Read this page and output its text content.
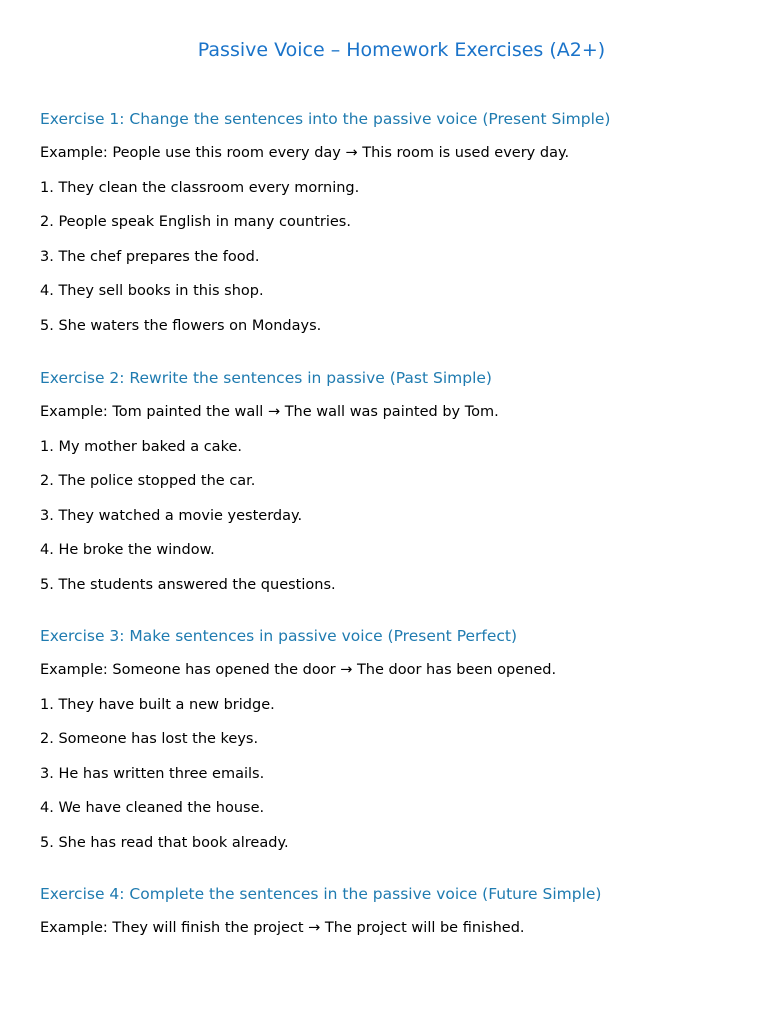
Passive Voice – Homework Exercises (A2+)
Exercise 1: Change the sentences into the passive voice (Present Simple)

Example: People use this room every day → This room is used every day.

1. They clean the classroom every morning.

2. People speak English in many countries.

3. The chef prepares the food.

4. They sell books in this shop.

5. She waters the flowers on Mondays.

Exercise 2: Rewrite the sentences in passive (Past Simple)

Example: Tom painted the wall → The wall was painted by Tom.

1. My mother baked a cake.

2. The police stopped the car.

3. They watched a movie yesterday.

4. He broke the window.

5. The students answered the questions.

Exercise 3: Make sentences in passive voice (Present Perfect)

Example: Someone has opened the door → The door has been opened.

1. They have built a new bridge.

2. Someone has lost the keys.

3. He has written three emails.

4. We have cleaned the house.

5. She has read that book already.

Exercise 4: Complete the sentences in the passive voice (Future Simple)

Example: They will finish the project → The project will be finished.
